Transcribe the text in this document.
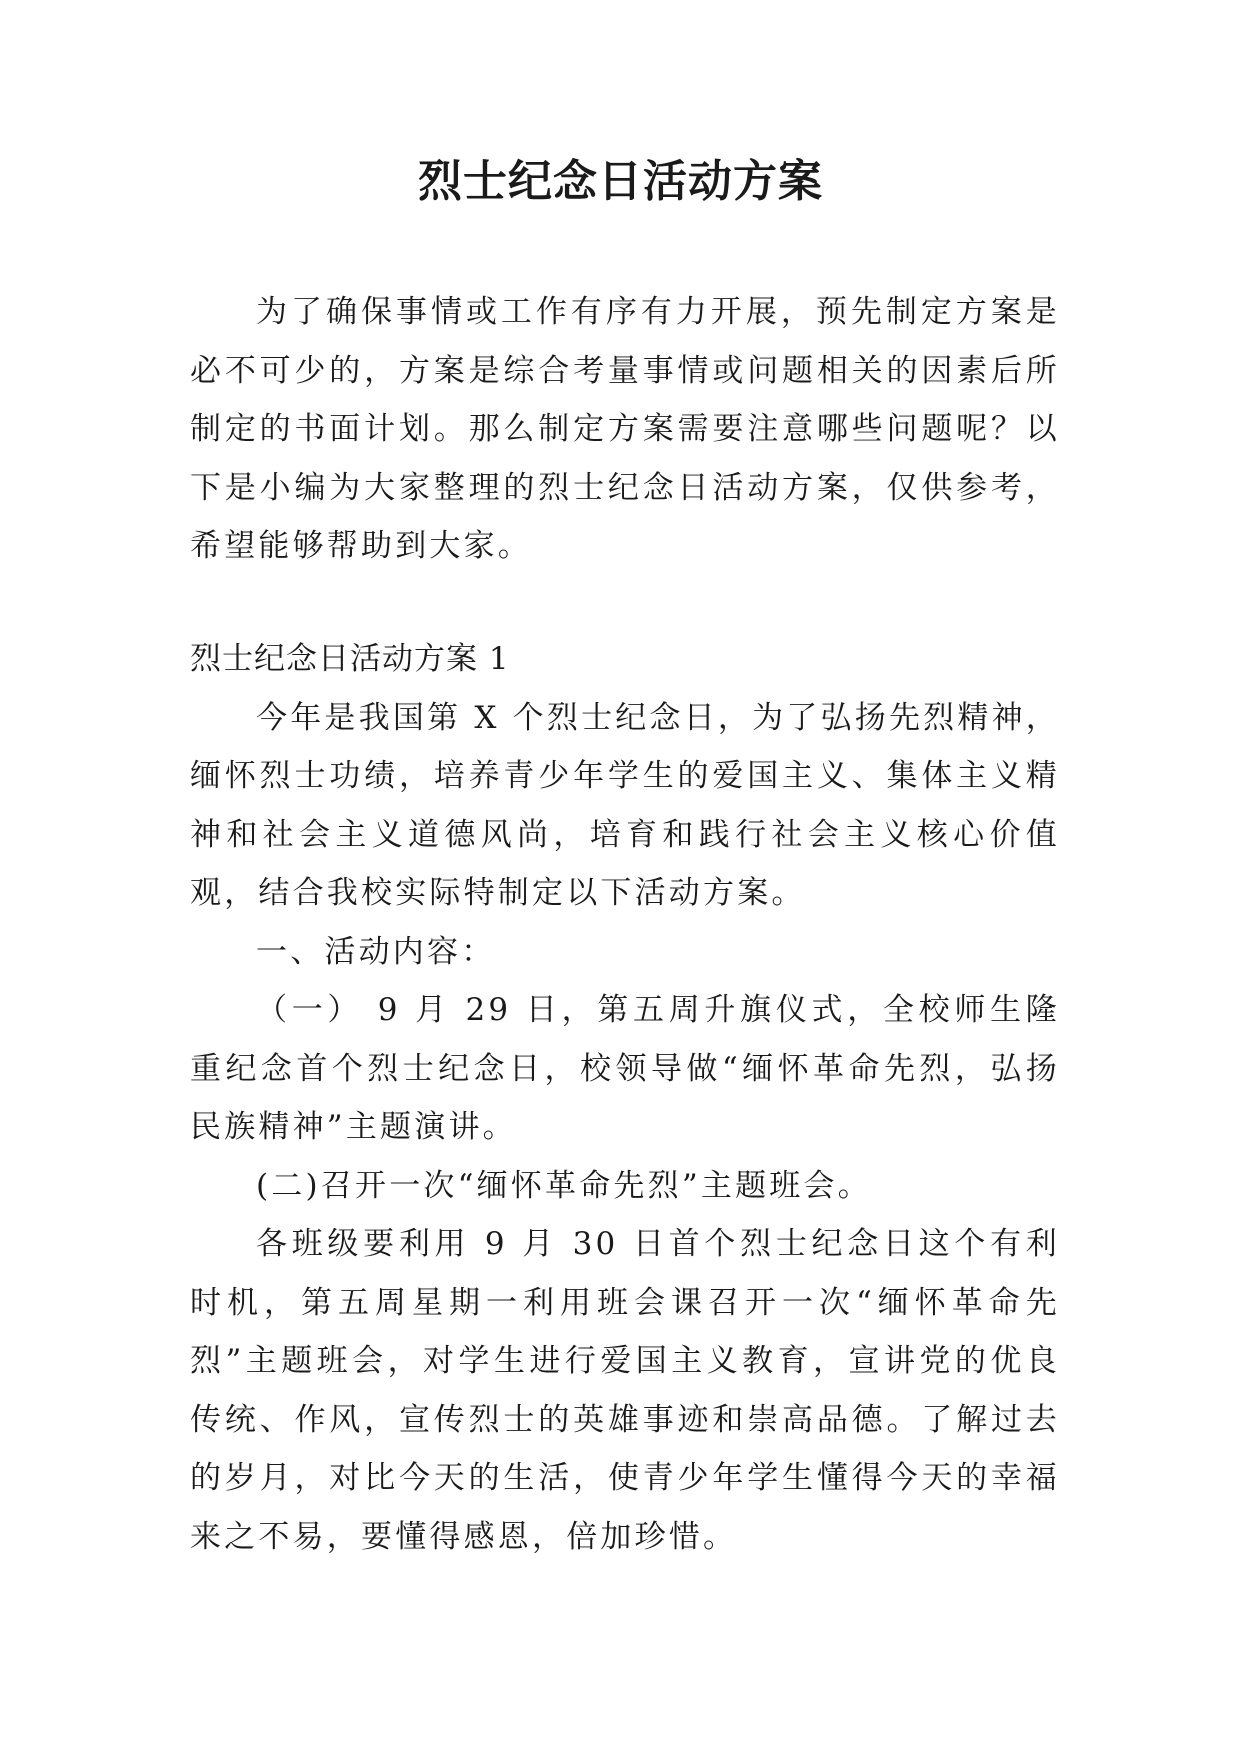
烈士纪念日活动方案

为了确保事情或工作有序有力开展，预先制定方案是必不可少的，方案是综合考量事情或问题相关的因素后所制定的书面计划。那么制定方案需要注意哪些问题呢？以下是小编为大家整理的烈士纪念日活动方案，仅供参考，希望能够帮助到大家。

烈士纪念日活动方案 1

今年是我国第 X 个烈士纪念日，为了弘扬先烈精神，缅怀烈士功绩，培养青少年学生的爱国主义、集体主义精神和社会主义道德风尚，培育和践行社会主义核心价值观，结合我校实际特制定以下活动方案。

一、活动内容：

（一） 9 月 29 日，第五周升旗仪式，全校师生隆重纪念首个烈士纪念日，校领导做“缅怀革命先烈，弘扬民族精神”主题演讲。

(二)召开一次“缅怀革命先烈”主题班会。

各班级要利用 9 月 30 日首个烈士纪念日这个有利时机，第五周星期一利用班会课召开一次“缅怀革命先烈”主题班会，对学生进行爱国主义教育，宣讲党的优良传统、作风，宣传烈士的英雄事迹和崇高品德。了解过去的岁月，对比今天的生活，使青少年学生懂得今天的幸福来之不易，要懂得感恩，倍加珍惜。
